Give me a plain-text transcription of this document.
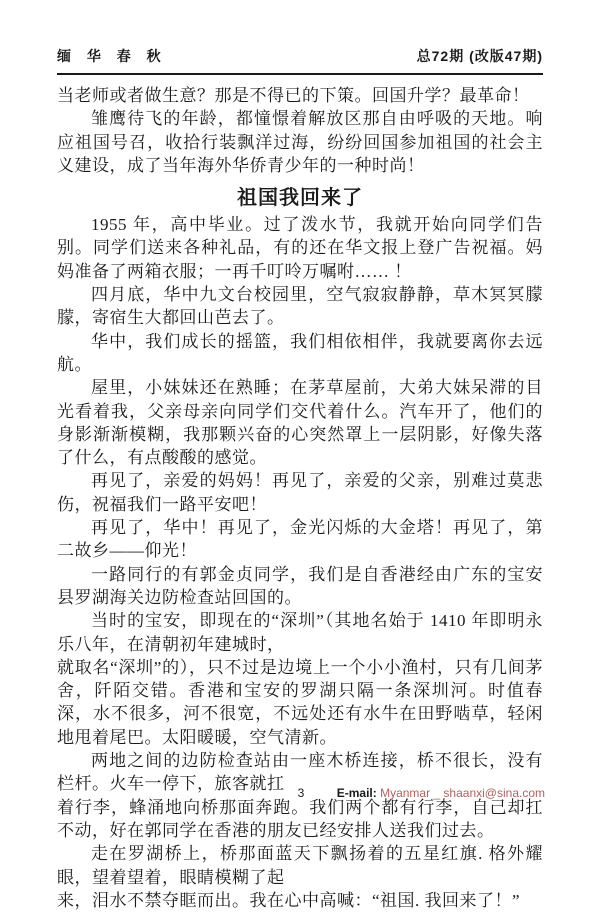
缅 华 春 秋	总72期 (改版47期)

当老师或者做生意？那是不得已的下策。回国升学？最革命！

雏鹰待飞的年龄，都憧憬着解放区那自由呼吸的天地。响应祖国号召，收拾行装飘洋过海，纷纷回国参加祖国的社会主义建设，成了当年海外华侨青少年的一种时尚！

祖国我回来了

1955 年，高中毕业。过了泼水节，我就开始向同学们告别。同学们送来各种礼品，有的还在华文报上登广告祝福。妈妈准备了两箱衣服；一再千叮呤万嘱咐…… ！

四月底，华中九文台校园里，空气寂寂静静，草木冥冥朦朦，寄宿生大都回山芭去了。

华中，我们成长的摇篮，我们相依相伴，我就要离你去远航。

屋里，小妹妹还在熟睡；在茅草屋前，大弟大妹呆滞的目光看着我，父亲母亲向同学们交代着什么。汽车开了，他们的身影渐渐模糊，我那颗兴奋的心突然罩上一层阴影，好像失落了什么，有点酸酸的感觉。

再见了，亲爱的妈妈！再见了，亲爱的父亲，别难过莫悲伤，祝福我们一路平安吧！

再见了，华中！再见了，金光闪烁的大金塔！再见了，第二故乡——仰光！

一路同行的有郭金贞同学，我们是自香港经由广东的宝安县罗湖海关边防检查站回国的。

当时的宝安，即现在的“深圳”（其地名始于 1410 年即明永乐八年，在清朝初年建城时，

就取名“深圳”的），只不过是边境上一个小小渔村，只有几间茅舍，阡陌交错。香港和宝安的罗湖只隔一条深圳河。时值春深，水不很多，河不很宽，不远处还有水牛在田野啮草，轻闲地甩着尾巴。太阳暖暖，空气清新。

两地之间的边防检查站由一座木桥连接，桥不很长，没有栏杆。火车一停下，旅客就扛

着行李，蜂涌地向桥那面奔跑。我们两个都有行李，自己却扛不动，好在郭同学在香港的朋友已经安排人送我们过去。

走在罗湖桥上，桥那面蓝天下飘扬着的五星红旗. 格外耀眼，望着望着，眼睛模糊了起

来，泪水不禁夺眶而出。我在心中高喊：“祖国. 我回来了！”

3	E-mail: Myanmar _ shaanxi@sina.com
